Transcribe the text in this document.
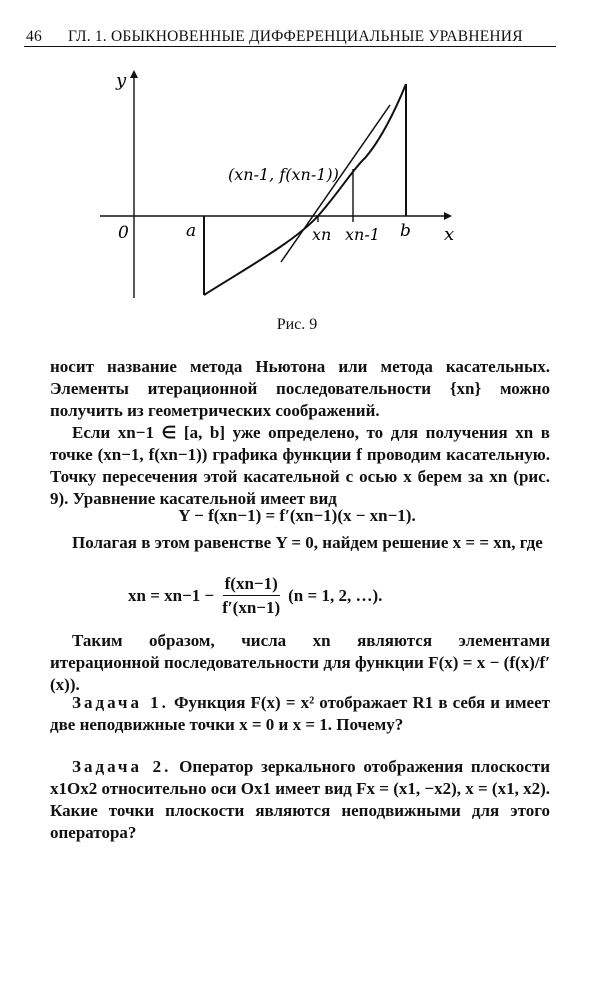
46 ГЛ. 1. ОБЫКНОВЕННЫЕ ДИФФЕРЕНЦИАЛЬНЫЕ УРАВНЕНИЯ
y
x
0	a	b
xn xn-1
(xn-1, f(xn-1))
Рис. 9

носит название метода Ньютона или метода касательных. Элементы итерационной последовательности {xn} можно получить из геометрических соображений.

Если xn−1 ∈ [a, b] уже определено, то для получения xn в точке (xn−1, f(xn−1)) графика функции f проводим касательную. Точку пересечения этой касательной с осью x берем за xn (рис. 9). Уравнение касательной имеет вид

Y − f(xn−1) = f′(xn−1)(x − xn−1).

Полагая в этом равенстве Y = 0, найдем решение x = = xn, где

xn = $xn-1 - \frac{f(xn-1)}{f'(xn-1)} (n = 1$, 2, …).

Таким образом, числа xn являются элементами итерационной последовательности для функции F(x) = x − (f(x)/f′(x)).

Задача 1. Функция F(x) = x² отображает R1 в себя и имеет две неподвижные точки x = 0 и x = 1. Почему?

Задача 2. Оператор зеркального отображения плоскости x1Ox2 относительно оси Ox1 имеет вид Fx = (x1, −x2), x = (x1, x2). Какие точки плоскости являются неподвижными для этого оператора?
